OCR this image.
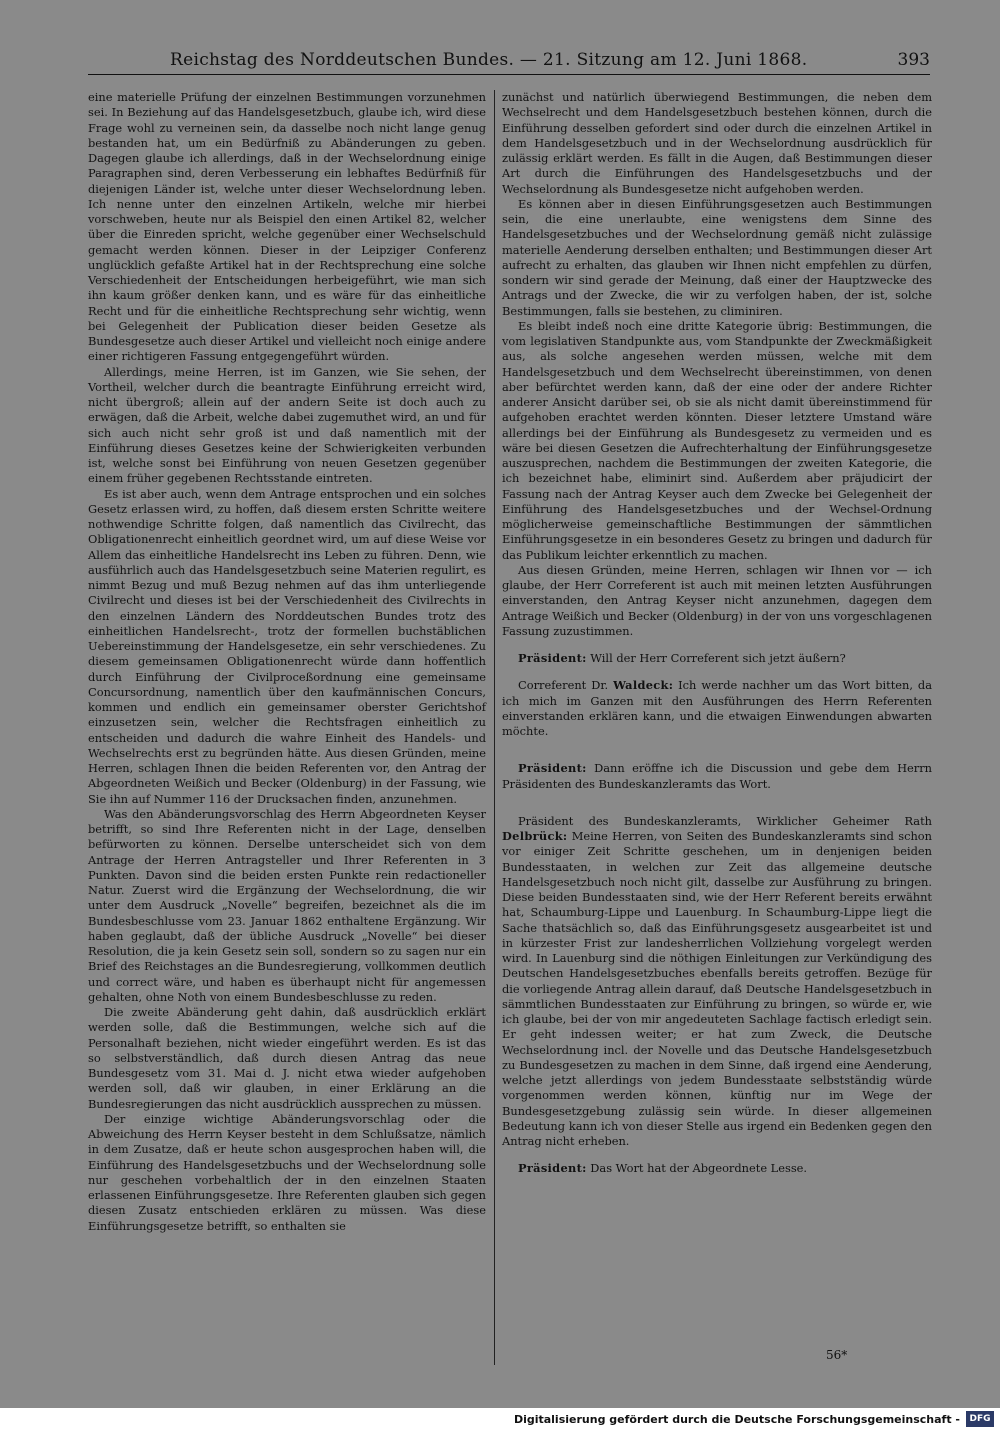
Reichstag des Norddeutschen Bundes. — 21. Sitzung am 12. Juni 1868.	393

eine materielle Prüfung der einzelnen Bestimmungen vorzunehmen sei. In Beziehung auf das Handelsgesetzbuch, glaube ich, wird diese Frage wohl zu verneinen sein, da dasselbe noch nicht lange genug bestanden hat, um ein Bedürfniß zu Abänderungen zu geben. Dagegen glaube ich allerdings, daß in der Wechselordnung einige Paragraphen sind, deren Verbesserung ein lebhaftes Bedürfniß für diejenigen Länder ist, welche unter dieser Wechselordnung leben. Ich nenne unter den einzelnen Artikeln, welche mir hierbei vorschweben, heute nur als Beispiel den einen Artikel 82, welcher über die Einreden spricht, welche gegenüber einer Wechselschuld gemacht werden können. Dieser in der Leipziger Conferenz unglücklich gefaßte Artikel hat in der Rechtsprechung eine solche Verschiedenheit der Entscheidungen herbeigeführt, wie man sich ihn kaum größer denken kann, und es wäre für das einheitliche Recht und für die einheitliche Rechtsprechung sehr wichtig, wenn bei Gelegenheit der Publication dieser beiden Gesetze als Bundesgesetze auch dieser Artikel und vielleicht noch einige andere einer richtigeren Fassung entgegengeführt würden.

Allerdings, meine Herren, ist im Ganzen, wie Sie sehen, der Vortheil, welcher durch die beantragte Einführung erreicht wird, nicht übergroß; allein auf der andern Seite ist doch auch zu erwägen, daß die Arbeit, welche dabei zugemuthet wird, an und für sich auch nicht sehr groß ist und daß namentlich mit der Einführung dieses Gesetzes keine der Schwierigkeiten verbunden ist, welche sonst bei Einführung von neuen Gesetzen gegenüber einem früher gegebenen Rechtsstande eintreten.

Es ist aber auch, wenn dem Antrage entsprochen und ein solches Gesetz erlassen wird, zu hoffen, daß diesem ersten Schritte weitere nothwendige Schritte folgen, daß namentlich das Civilrecht, das Obligationenrecht einheitlich geordnet wird, um auf diese Weise vor Allem das einheitliche Handelsrecht ins Leben zu führen. Denn, wie ausführlich auch das Handelsgesetzbuch seine Materien regulirt, es nimmt Bezug und muß Bezug nehmen auf das ihm unterliegende Civilrecht und dieses ist bei der Verschiedenheit des Civilrechts in den einzelnen Ländern des Norddeutschen Bundes trotz des einheitlichen Handelsrecht-, trotz der formellen buchstäblichen Uebereinstimmung der Handelsgesetze, ein sehr verschiedenes. Zu diesem gemeinsamen Obligationenrecht würde dann hoffentlich durch Einführung der Civilproceßordnung eine gemeinsame Concursordnung, namentlich über den kaufmännischen Concurs, kommen und endlich ein gemeinsamer oberster Gerichtshof einzusetzen sein, welcher die Rechtsfragen einheitlich zu entscheiden und dadurch die wahre Einheit des Handels- und Wechselrechts erst zu begründen hätte. Aus diesen Gründen, meine Herren, schlagen Ihnen die beiden Referenten vor, den Antrag der Abgeordneten Weißich und Becker (Oldenburg) in der Fassung, wie Sie ihn auf Nummer 116 der Drucksachen finden, anzunehmen.

Was den Abänderungsvorschlag des Herrn Abgeordneten Keyser betrifft, so sind Ihre Referenten nicht in der Lage, denselben befürworten zu können. Derselbe unterscheidet sich von dem Antrage der Herren Antragsteller und Ihrer Referenten in 3 Punkten. Davon sind die beiden ersten Punkte rein redactioneller Natur. Zuerst wird die Ergänzung der Wechselordnung, die wir unter dem Ausdruck „Novelle“ begreifen, bezeichnet als die im Bundesbeschlusse vom 23. Januar 1862 enthaltene Ergänzung. Wir haben geglaubt, daß der übliche Ausdruck „Novelle“ bei dieser Resolution, die ja kein Gesetz sein soll, sondern so zu sagen nur ein Brief des Reichstages an die Bundesregierung, vollkommen deutlich und correct wäre, und haben es überhaupt nicht für angemessen gehalten, ohne Noth von einem Bundesbeschlusse zu reden.

Die zweite Abänderung geht dahin, daß ausdrücklich erklärt werden solle, daß die Bestimmungen, welche sich auf die Personalhaft beziehen, nicht wieder eingeführt werden. Es ist das so selbstverständlich, daß durch diesen Antrag das neue Bundesgesetz vom 31. Mai d. J. nicht etwa wieder aufgehoben werden soll, daß wir glauben, in einer Erklärung an die Bundesregierungen das nicht ausdrücklich aussprechen zu müssen.

Der einzige wichtige Abänderungsvorschlag oder die Abweichung des Herrn Keyser besteht in dem Schlußsatze, nämlich in dem Zusatze, daß er heute schon ausgesprochen haben will, die Einführung des Handelsgesetzbuchs und der Wechselordnung solle nur geschehen vorbehaltlich der in den einzelnen Staaten erlassenen Einführungsgesetze. Ihre Referenten glauben sich gegen diesen Zusatz entschieden erklären zu müssen. Was diese Einführungsgesetze betrifft, so enthalten sie

zunächst und natürlich überwiegend Bestimmungen, die neben dem Wechselrecht und dem Handelsgesetzbuch bestehen können, durch die Einführung desselben gefordert sind oder durch die einzelnen Artikel in dem Handelsgesetzbuch und in der Wechselordnung ausdrücklich für zulässig erklärt werden. Es fällt in die Augen, daß Bestimmungen dieser Art durch die Einführungen des Handelsgesetzbuchs und der Wechselordnung als Bundesgesetze nicht aufgehoben werden.

Es können aber in diesen Einführungsgesetzen auch Bestimmungen sein, die eine unerlaubte, eine wenigstens dem Sinne des Handelsgesetzbuches und der Wechselordnung gemäß nicht zulässige materielle Aenderung derselben enthalten; und Bestimmungen dieser Art aufrecht zu erhalten, das glauben wir Ihnen nicht empfehlen zu dürfen, sondern wir sind gerade der Meinung, daß einer der Hauptzwecke des Antrags und der Zwecke, die wir zu verfolgen haben, der ist, solche Bestimmungen, falls sie bestehen, zu climiniren.

Es bleibt indeß noch eine dritte Kategorie übrig: Bestimmungen, die vom legislativen Standpunkte aus, vom Standpunkte der Zweckmäßigkeit aus, als solche angesehen werden müssen, welche mit dem Handelsgesetzbuch und dem Wechselrecht übereinstimmen, von denen aber befürchtet werden kann, daß der eine oder der andere Richter anderer Ansicht darüber sei, ob sie als nicht damit übereinstimmend für aufgehoben erachtet werden könnten. Dieser letztere Umstand wäre allerdings bei der Einführung als Bundesgesetz zu vermeiden und es wäre bei diesen Gesetzen die Aufrechterhaltung der Einführungsgesetze auszusprechen, nachdem die Bestimmungen der zweiten Kategorie, die ich bezeichnet habe, eliminirt sind. Außerdem aber präjudicirt der Fassung nach der Antrag Keyser auch dem Zwecke bei Gelegenheit der Einführung des Handelsgesetzbuches und der Wechsel-Ordnung möglicherweise gemeinschaftliche Bestimmungen der sämmtlichen Einführungsgesetze in ein besonderes Gesetz zu bringen und dadurch für das Publikum leichter erkenntlich zu machen.

Aus diesen Gründen, meine Herren, schlagen wir Ihnen vor — ich glaube, der Herr Correferent ist auch mit meinen letzten Ausführungen einverstanden, den Antrag Keyser nicht anzunehmen, dagegen dem Antrage Weißich und Becker (Oldenburg) in der von uns vorgeschlagenen Fassung zuzustimmen.

Präsident: Will der Herr Correferent sich jetzt äußern?

Correferent Dr. Waldeck: Ich werde nachher um das Wort bitten, da ich mich im Ganzen mit den Ausführungen des Herrn Referenten einverstanden erklären kann, und die etwaigen Einwendungen abwarten möchte.

Präsident: Dann eröffne ich die Discussion und gebe dem Herrn Präsidenten des Bundeskanzleramts das Wort.

Präsident des Bundeskanzleramts, Wirklicher Geheimer Rath Delbrück: Meine Herren, von Seiten des Bundeskanzleramts sind schon vor einiger Zeit Schritte geschehen, um in denjenigen beiden Bundesstaaten, in welchen zur Zeit das allgemeine deutsche Handelsgesetzbuch noch nicht gilt, dasselbe zur Ausführung zu bringen. Diese beiden Bundesstaaten sind, wie der Herr Referent bereits erwähnt hat, Schaumburg-Lippe und Lauenburg. In Schaumburg-Lippe liegt die Sache thatsächlich so, daß das Einführungsgesetz ausgearbeitet ist und in kürzester Frist zur landesherrlichen Vollziehung vorgelegt werden wird. In Lauenburg sind die nöthigen Einleitungen zur Verkündigung des Deutschen Handelsgesetzbuches ebenfalls bereits getroffen. Bezüge für die vorliegende Antrag allein darauf, daß Deutsche Handelsgesetzbuch in sämmtlichen Bundesstaaten zur Einführung zu bringen, so würde er, wie ich glaube, bei der von mir angedeuteten Sachlage factisch erledigt sein. Er geht indessen weiter; er hat zum Zweck, die Deutsche Wechselordnung incl. der Novelle und das Deutsche Handelsgesetzbuch zu Bundesgesetzen zu machen in dem Sinne, daß irgend eine Aenderung, welche jetzt allerdings von jedem Bundesstaate selbstständig würde vorgenommen werden können, künftig nur im Wege der Bundesgesetzgebung zulässig sein würde. In dieser allgemeinen Bedeutung kann ich von dieser Stelle aus irgend ein Bedenken gegen den Antrag nicht erheben.

Präsident: Das Wort hat der Abgeordnete Lesse.

56*
Digitalisierung gefördert durch die Deutsche Forschungsgemeinschaft -	DFG
